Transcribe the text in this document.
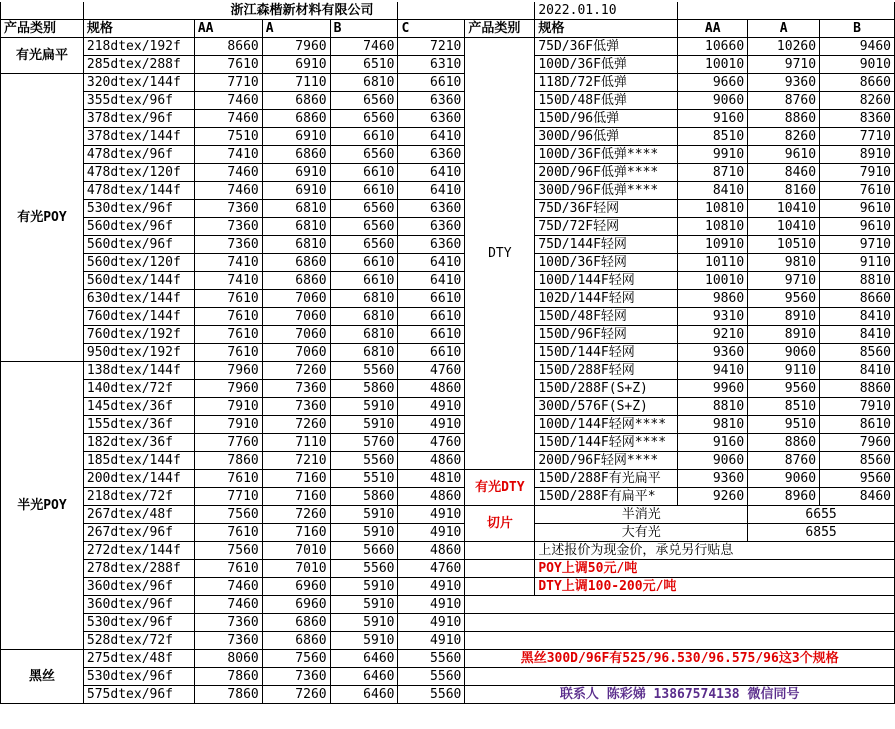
	浙江森楷新材料有限公司						2022.01.10			
产品类别	规格	AA	A	B	C	产品类别	规格	AA	A	B
有光扁平	218dtex/192f	8660	7960	7460	7210	DTY	75D/36F低弹	10660	10260	9460
	285dtex/288f	7610	6910	6510	6310		100D/36F低弹	10010	9710	9010
有光POY	320dtex/144f	7710	7110	6810	6610		118D/72F低弹	9660	9360	8660
	355dtex/96f	7460	6860	6560	6360		150D/48F低弹	9060	8760	8260
	378dtex/96f	7460	6860	6560	6360		150D/96低弹	9160	8860	8360
	378dtex/144f	7510	6910	6610	6410		300D/96低弹	8510	8260	7710
	478dtex/96f	7410	6860	6560	6360		100D/36F低弹****	9910	9610	8910
	478dtex/120f	7460	6910	6610	6410		200D/96F低弹****	8710	8460	7910
	478dtex/144f	7460	6910	6610	6410		300D/96F低弹****	8410	8160	7610
	530dtex/96f	7360	6810	6560	6360		75D/36F轻网	10810	10410	9610
	560dtex/96f	7360	6810	6560	6360		75D/72F轻网	10810	10410	9610
	560dtex/96f	7360	6810	6560	6360		75D/144F轻网	10910	10510	9710
	560dtex/120f	7410	6860	6610	6410		100D/36F轻网	10110	9810	9110
	560dtex/144f	7410	6860	6610	6410		100D/144F轻网	10010	9710	8810
	630dtex/144f	7610	7060	6810	6610		102D/144F轻网	9860	9560	8660
	760dtex/144f	7610	7060	6810	6610		150D/48F轻网	9310	8910	8410
	760dtex/192f	7610	7060	6810	6610		150D/96F轻网	9210	8910	8410
	950dtex/192f	7610	7060	6810	6610		150D/144F轻网	9360	9060	8560
半光POY	138dtex/144f	7960	7260	5560	4760		150D/288F轻网	9410	9110	8410
	140dtex/72f	7960	7360	5860	4860		150D/288F(S+Z)	9960	9560	8860
	145dtex/36f	7910	7360	5910	4910		300D/576F(S+Z)	8810	8510	7910
	155dtex/36f	7910	7260	5910	4910		100D/144F轻网****	9810	9510	8610
	182dtex/36f	7760	7110	5760	4760		150D/144F轻网****	9160	8860	7960
	185dtex/144f	7860	7210	5560	4860		200D/96F轻网****	9060	8760	8560
	200dtex/144f	7610	7160	5510	4810	有光DTY	150D/288F有光扁平	9360	9060	9560
	218dtex/72f	7710	7160	5860	4860		150D/288F有扁平*	9260	8960	8460
	267dtex/48f	7560	7260	5910	4910	切片	半消光		6655	
	267dtex/96f	7610	7160	5910	4910		大有光		6855	
	272dtex/144f	7560	7010	5660	4860		上述报价为现金价，承兑另行贴息			
	278dtex/288f	7610	7010	5560	4760		POY上调50元/吨			
	360dtex/96f	7460	6960	5910	4910		DTY上调100-200元/吨			
	360dtex/96f	7460	6960	5910	4910					
	530dtex/96f	7360	6860	5910	4910					
	528dtex/72f	7360	6860	5910	4910					
黑丝	275dtex/48f	8060	7560	6460	5560	黑丝300D/96F有525/96.530/96.575/96这3个规格				
	530dtex/96f	7860	7360	6460	5560					
	575dtex/96f	7860	7260	6460	5560	联系人 陈彩娣 13867574138 微信同号				
